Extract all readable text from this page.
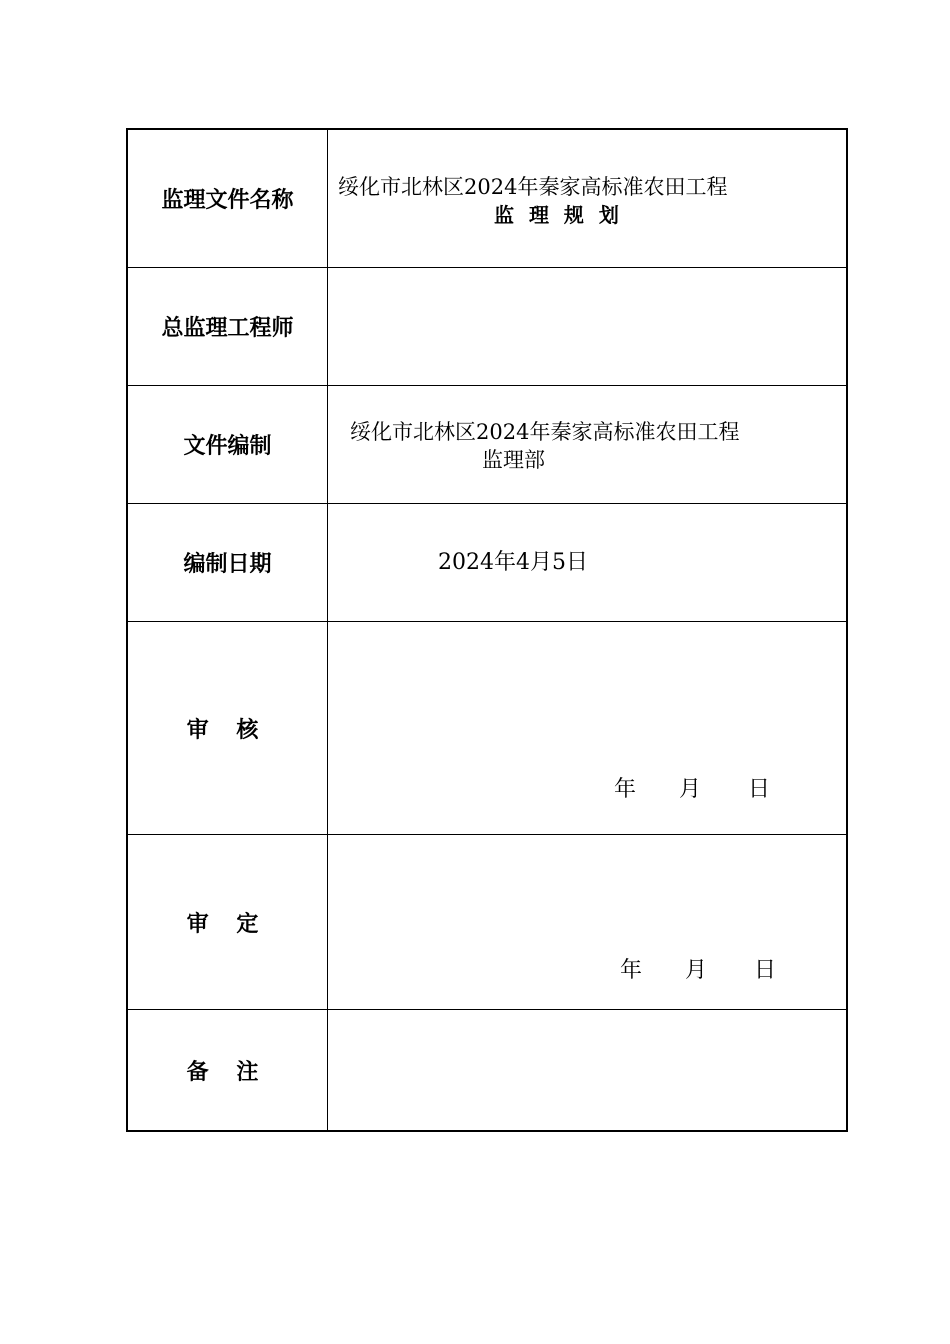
监理文件名称
绥化市北林区2024年秦家高标准农田工程
监 理 规 划
总监理工程师
文件编制
绥化市北林区2024年秦家高标准农田工程
监理部
编制日期	2024年4月5日
审 核
年 月 日
审 定
年 月 日
备 注
